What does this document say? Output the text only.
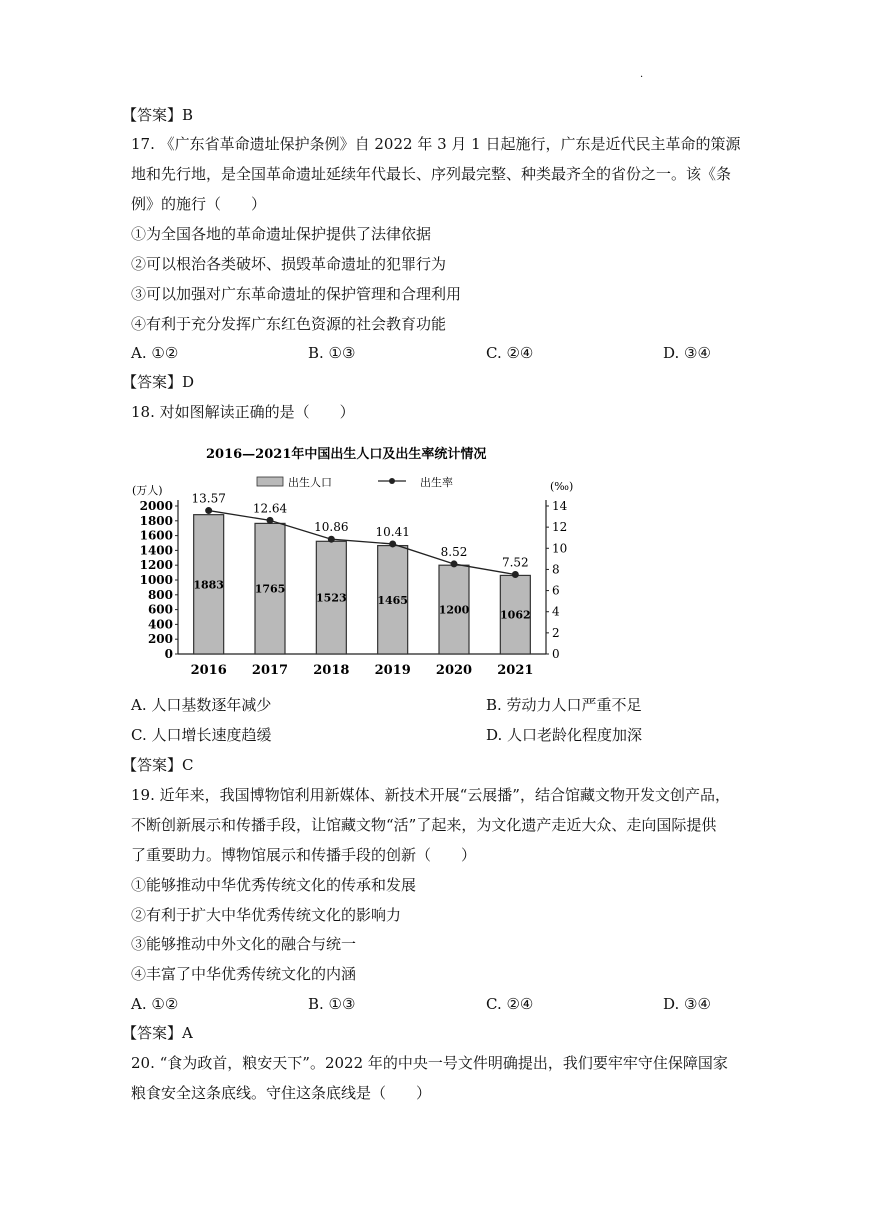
·
【答案】B
17. 《广东省革命遗址保护条例》自 2022 年 3 月 1 日起施行，广东是近代民主革命的策源
地和先行地，是全国革命遗址延续年代最长、序列最完整、种类最齐全的省份之一。该《条
例》的施行（　　）
①为全国各地的革命遗址保护提供了法律依据
②可以根治各类破坏、损毁革命遗址的犯罪行为
③可以加强对广东革命遗址的保护管理和合理利用
④有利于充分发挥广东红色资源的社会教育功能
A. ①②	B. ①③	C. ②④	D. ③④
【答案】D
18. 对如图解读正确的是（　　）
2016—2021年中国出生人口及出生率统计情况
出生人口	出生率
(万人)	(‰)
2000
1800
1600
1400
1200
1000
800
600
400
200
0
14
12
10
8
6
4
2
0
1883
2016
1765
2017
1523
2018
1465
2019
1200
2020
1062
2021
13.57
12.64
10.86 10.41
8.52
7.52
A. 人口基数逐年减少	B. 劳动力人口严重不足
C. 人口增长速度趋缓	D. 人口老龄化程度加深
【答案】C
19. 近年来，我国博物馆利用新媒体、新技术开展“云展播”，结合馆藏文物开发文创产品，
不断创新展示和传播手段，让馆藏文物“活”了起来，为文化遗产走近大众、走向国际提供
了重要助力。博物馆展示和传播手段的创新（　　）
①能够推动中华优秀传统文化的传承和发展
②有利于扩大中华优秀传统文化的影响力
③能够推动中外文化的融合与统一
④丰富了中华优秀传统文化的内涵
A. ①②	B. ①③	C. ②④	D. ③④
【答案】A
20. “食为政首，粮安天下”。2022 年的中央一号文件明确提出，我们要牢牢守住保障国家
粮食安全这条底线。守住这条底线是（　　）
